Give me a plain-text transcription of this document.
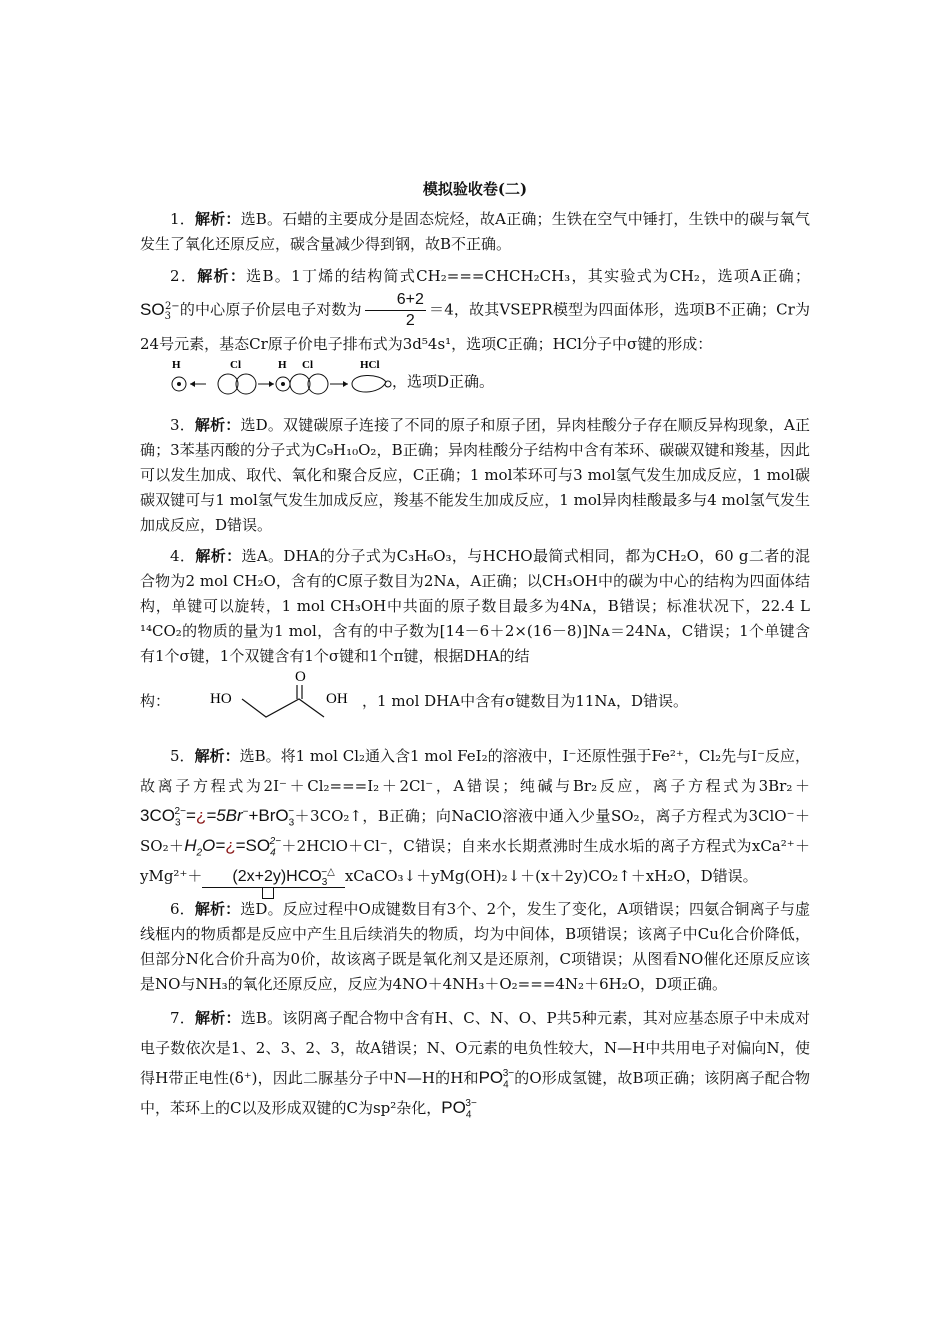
模拟验收卷(二)

1．解析：选B。石蜡的主要成分是固态烷烃，故A正确；生铁在空气中锤打，生铁中的碳与氧气发生了氧化还原反应，碳含量减少得到钢，故B不正确。

2．解析：选B。1丁烯的结构简式CH₂===CHCH₂CH₃，其实验式为CH₂，选项A正确； $SO_3^{2-}$的中心原子价层电子对数为 $\frac{6+2}{2} =4$，故其VSEPR模型为四面体形，选项B不正确；Cr为24号元素，基态Cr原子价电子排布式为3d⁵4s¹，选项C正确；HCl分子中σ键的形成：

H	Cl	H Cl	HCl
，选项D正确。

3．解析：选D。双键碳原子连接了不同的原子和原子团，异肉桂酸分子存在顺反异构现象，A正确；3苯基丙酸的分子式为C₉H₁₀O₂，B正确；异肉桂酸分子结构中含有苯环、碳碳双键和羧基，因此可以发生加成、取代、氧化和聚合反应，C正确；1 mol苯环可与3 mol氢气发生加成反应，1 mol碳碳双键可与1 mol氢气发生加成反应，羧基不能发生加成反应，1 mol异肉桂酸最多与4 mol氢气发生加成反应，D错误。

4．解析：选A。DHA的分子式为C₃H₆O₃，与HCHO最简式相同，都为CH₂O，60 g二者的混合物为2 mol CH₂O，含有的C原子数目为2Nᴀ，A正确；以CH₃OH中的碳为中心的结构为四面体结构，单键可以旋转，1 mol CH₃OH中共面的原子数目最多为4Nᴀ，B错误；标准状况下，22.4 L ¹⁴CO₂的物质的量为1 mol，含有的中子数为[14－6＋2×(16－8)]Nᴀ＝24Nᴀ，C错误；1个单键含有1个σ键，1个双键含有1个σ键和1个π键，根据DHA的结
构：
O
HO	OH ，1 mol DHA中含有σ键数目为11Nᴀ，D错误。

5．解析：选B。将1 mol Cl₂通入含1 mol FeI₂的溶液中，I⁻还原性强于Fe²⁺，Cl₂先与I⁻反应，故离子方程式为2I⁻＋Cl₂===I₂＋2Cl⁻，A错误；纯碱与Br₂反应，离子方程式为$3Br_2+3CO_3^{2-}=¿=5Br^-+BrO_3^-+3CO_2↑$，B正确；向NaClO溶液中通入少量SO₂，离子方程式为$3ClO^-+SO_2+H_2O=¿=SO_4^{2-}+2HClO+Cl^-$，C错误；自来水长期煮沸时生成水垢的离子方程式为$xCa^{2+}+yMg^{2+}+ (2x+2y)HCO_3^{-\triangle}$ xCaCO₃↓＋yMg(OH)₂↓＋(x＋2y)CO₂↑＋xH₂O，D错误。

6．解析：选D。反应过程中O成键数目有3个、2个，发生了变化，A项错误；四氨合铜离子与虚线框内的物质都是反应中产生且后续消失的物质，均为中间体，B项错误；该离子中Cu化合价降低，但部分N化合价升高为0价，故该离子既是氧化剂又是还原剂，C项错误；从图看NO催化还原反应该是NO与NH₃的氧化还原反应，反应为4NO＋4NH₃＋O₂===4N₂＋6H₂O，D项正确。

7．解析：选B。该阴离子配合物中含有H、C、N、O、P共5种元素，其对应基态原子中未成对电子数依次是1、2、3、2、3，故A错误；N、O元素的电负性较大，N—H中共用电子对偏向N，使得H带正电性(δ⁺)，因此二脲基分子中N—H的H和$PO_4^{3-}$的O形成氢键，故B项正确；该阴离子配合物中，苯环上的C以及形成双键的C为sp²杂化，$PO_4^{3-}$
